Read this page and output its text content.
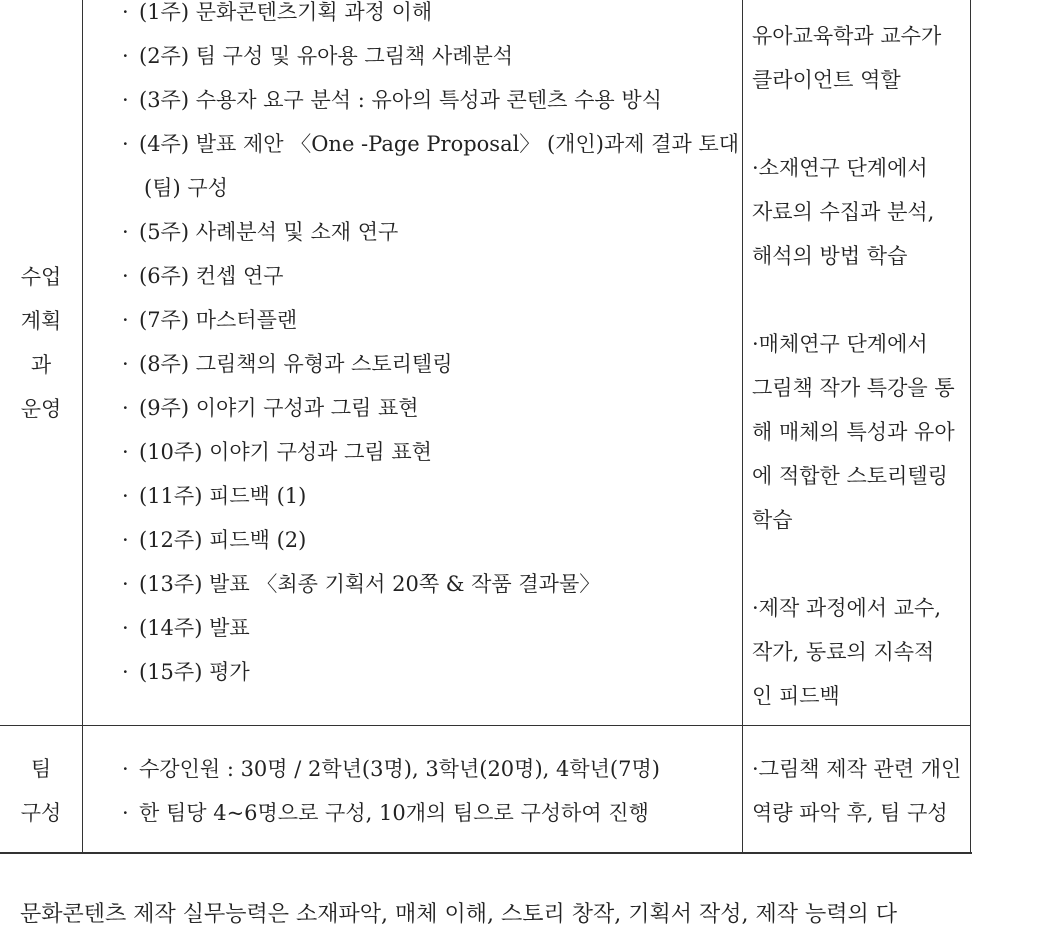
수업
계획
과
운영
· (1주) 문화콘텐츠기획 과정 이해
· (2주) 팀 구성 및 유아용 그림책 사례분석
· (3주) 수용자 요구 분석 : 유아의 특성과 콘텐츠 수용 방식
· (4주) 발표 제안 〈One -Page Proposal〉 (개인)과제 결과 토대
(팀) 구성
· (5주) 사례분석 및 소재 연구
· (6주) 컨셉 연구
· (7주) 마스터플랜
· (8주) 그림책의 유형과 스토리텔링
· (9주) 이야기 구성과 그림 표현
· (10주) 이야기 구성과 그림 표현
· (11주) 피드백 (1)
· (12주) 피드백 (2)
· (13주) 발표 〈최종 기획서 20쪽 & 작품 결과물〉
· (14주) 발표
· (15주) 평가

유아교육학과 교수가

클라이언트 역할

·소재연구 단계에서

자료의 수집과 분석,

해석의 방법 학습

·매체연구 단계에서

그림책 작가 특강을 통

해 매체의 특성과 유아

에 적합한 스토리텔링

학습

·제작 과정에서 교수,

작가, 동료의 지속적

인 피드백

팀
구성
· 수강인원 : 30명 / 2학년(3명), 3학년(20명), 4학년(7명)
· 한 팀당 4~6명으로 구성, 10개의 팀으로 구성하여 진행

·그림책 제작 관련 개인

역량 파악 후, 팀 구성

문화콘텐츠 제작 실무능력은 소재파악, 매체 이해, 스토리 창작, 기획서 작성, 제작 능력의 다
